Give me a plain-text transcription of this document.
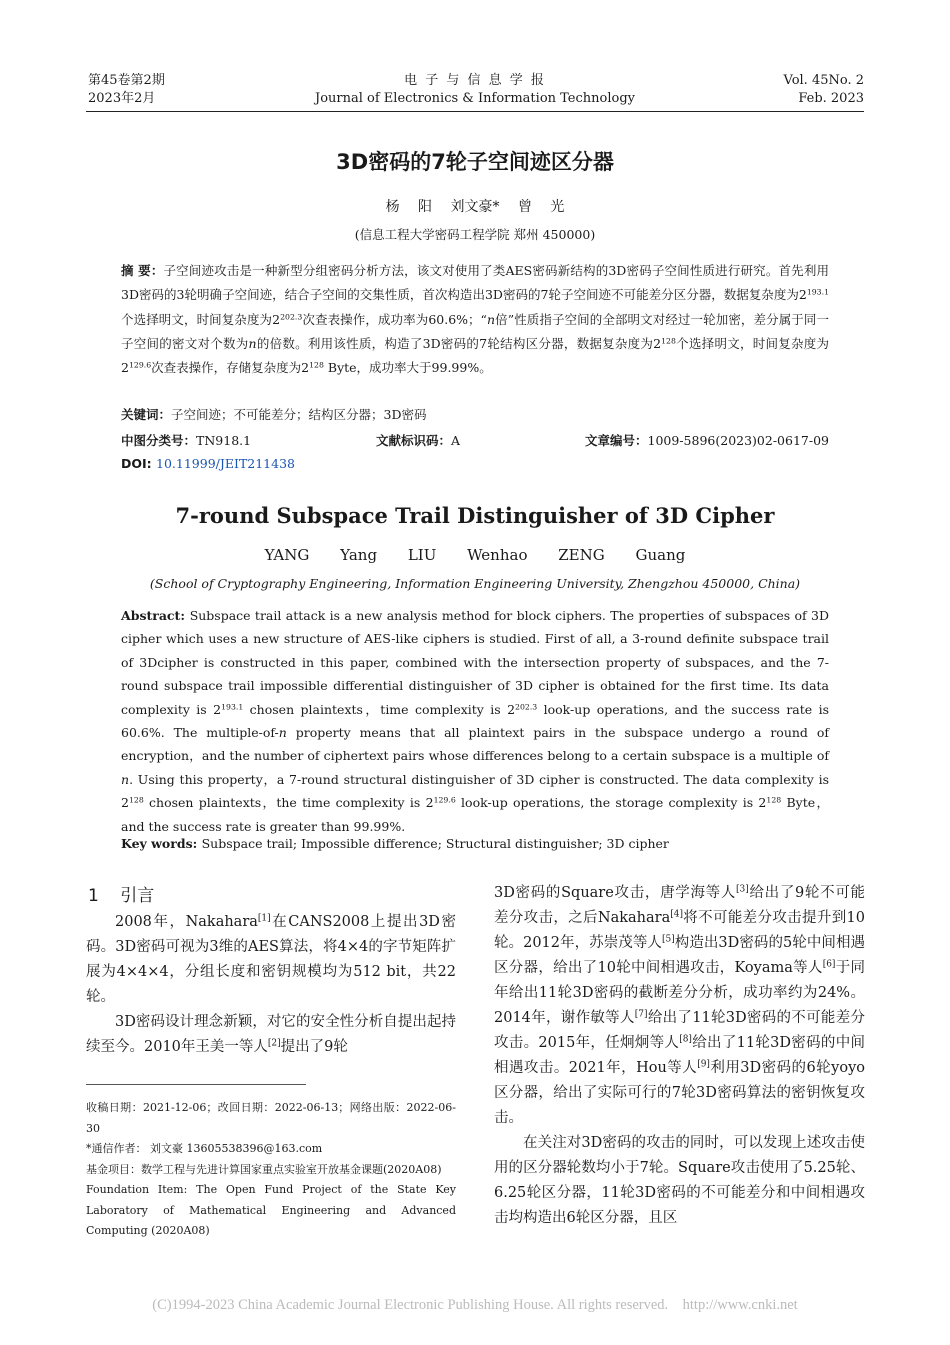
第45卷第2期
2023年2月
电 子 与 信 息 学 报
Journal of Electronics & Information Technology
Vol. 45No. 2
Feb. 2023
3D密码的7轮子空间迹区分器
杨 阳 刘文豪* 曾 光
(信息工程大学密码工程学院 郑州 450000)
摘 要：子空间迹攻击是一种新型分组密码分析方法，该文对使用了类AES密码新结构的3D密码子空间性质进行研究。首先利用3D密码的3轮明确子空间迹，结合子空间的交集性质，首次构造出3D密码的7轮子空间迹不可能差分区分器，数据复杂度为$2^{193.1}$个选择明文，时间复杂度为$2^{202.3}$次查表操作，成功率为60.6%；“n倍”性质指子空间的全部明文对经过一轮加密，差分属于同一子空间的密文对个数为n的倍数。利用该性质，构造了3D密码的7轮结构区分器，数据复杂度为$2^{128}$个选择明文，时间复杂度为$2^{129.6}$次查表操作，存储复杂度为$2^{128}$ Byte，成功率大于99.99%。
关键词：子空间迹；不可能差分；结构区分器；3D密码
中图分类号：TN918.1	文献标识码：A	文章编号：1009-5896(2023)02-0617-09
DOI: 10.11999/JEIT211438
7-round Subspace Trail Distinguisher of 3D Cipher
YANG Yang LIU Wenhao ZENG Guang
(School of Cryptography Engineering, Information Engineering University, Zhengzhou 450000, China)
Abstract: Subspace trail attack is a new analysis method for block ciphers. The properties of subspaces of 3D cipher which uses a new structure of AES-like ciphers is studied. First of all, a 3-round definite subspace trail of 3Dcipher is constructed in this paper, combined with the intersection property of subspaces, and the 7-round subspace trail impossible differential distinguisher of 3D cipher is obtained for the first time. Its data complexity is $2^{193.1}$ chosen plaintexts，time complexity is $2^{202.3}$ look-up operations, and the success rate is 60.6%. The multiple-of-n property means that all plaintext pairs in the subspace undergo a round of encryption，and the number of ciphertext pairs whose differences belong to a certain subspace is a multiple of n. Using this property，a 7-round structural distinguisher of 3D cipher is constructed. The data complexity is $2^{128}$ chosen plaintexts，the time complexity is $2^{129.6}$ look-up operations, the storage complexity is $2^{128}$ Byte，and the success rate is greater than 99.99%.
Key words: Subspace trail; Impossible difference; Structural distinguisher; 3D cipher
1 引言

2008年，Nakahara[1]在CANS2008上提出3D密码。3D密码可视为3维的AES算法，将4×4的字节矩阵扩展为4×4×4，分组长度和密钥规模均为512 bit，共22轮。

3D密码设计理念新颖，对它的安全性分析自提出起持续至今。2010年王美一等人[2]提出了9轮

3D密码的Square攻击，唐学海等人[3]给出了9轮不可能差分攻击，之后Nakahara[4]将不可能差分攻击提升到10轮。2012年，苏崇茂等人[5]构造出3D密码的5轮中间相遇区分器，给出了10轮中间相遇攻击，Koyama等人[6]于同年给出11轮3D密码的截断差分分析，成功率约为24%。2014年，谢作敏等人[7]给出了11轮3D密码的不可能差分攻击。2015年，任炯炯等人[8]给出了11轮3D密码的中间相遇攻击。2021年，Hou等人[9]利用3D密码的6轮yoyo区分器，给出了实际可行的7轮3D密码算法的密钥恢复攻击。

在关注对3D密码的攻击的同时，可以发现上述攻击使用的区分器轮数均小于7轮。Square攻击使用了5.25轮、6.25轮区分器，11轮3D密码的不可能差分和中间相遇攻击均构造出6轮区分器，且区

收稿日期：2021-12-06；改回日期：2022-06-13；网络出版：2022-06-30
*通信作者： 刘文豪 13605538396@163.com
基金项目：数学工程与先进计算国家重点实验室开放基金课题(2020A08)
Foundation Item: The Open Fund Project of the State Key Laboratory of Mathematical Engineering and Advanced Computing (2020A08)
(C)1994-2023 China Academic Journal Electronic Publishing House. All rights reserved.    http://www.cnki.net
